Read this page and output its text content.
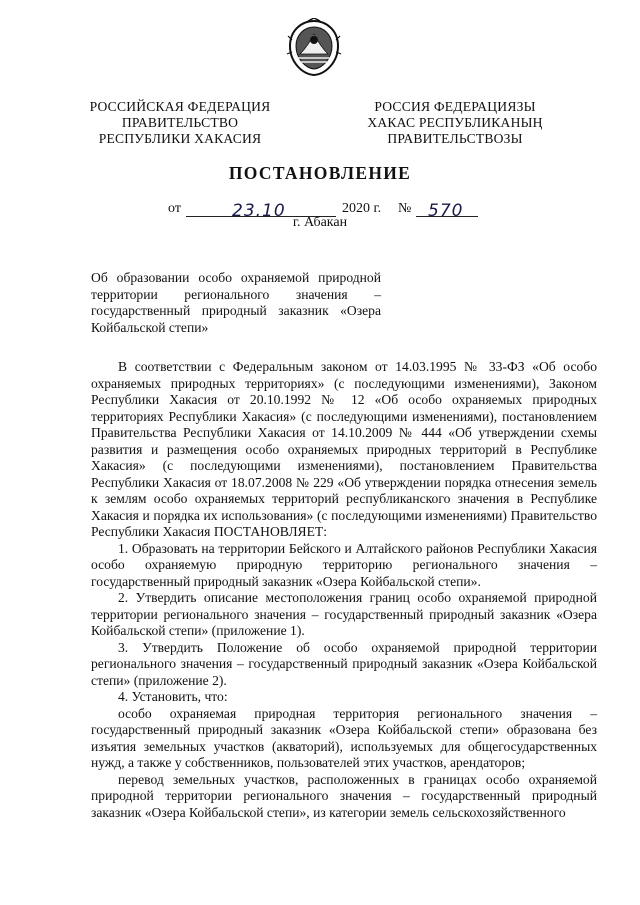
РОССИЙСКАЯ ФЕДЕРАЦИЯ
ПРАВИТЕЛЬСТВО
РЕСПУБЛИКИ ХАКАСИЯ
РОССИЯ ФЕДЕРАЦИЯЗЫ
ХАКАС РЕСПУБЛИКАНЫҢ
ПРАВИТЕЛЬСТВОЗЫ
ПОСТАНОВЛЕНИЕ
от	23.10	2020 г. № 570
г. Абакан

Об образовании особо охраняемой природной территории регионального значения – государственный природный заказник «Озера Койбальской степи»

В соответствии с Федеральным законом от 14.03.1995 № 33-ФЗ «Об особо охраняемых природных территориях» (с последующими изменениями), Законом Республики Хакасия от 20.10.1992 № 12 «Об особо охраняемых природных территориях Республики Хакасия» (с последующими изменениями), постановлением Правительства Республики Хакасия от 14.10.2009 № 444 «Об утверждении схемы развития и размещения особо охраняемых природных территорий в Республике Хакасия» (с последующими изменениями), постановлением Правительства Республики Хакасия от 18.07.2008 № 229 «Об утверждении порядка отнесения земель к землям особо охраняемых территорий республиканского значения в Республике Хакасия и порядка их использования» (с последующими изменениями) Правительство Республики Хакасия ПОСТАНОВЛЯЕТ:

1. Образовать на территории Бейского и Алтайского районов Республики Хакасия особо охраняемую природную территорию регионального значения – государственный природный заказник «Озера Койбальской степи».

2. Утвердить описание местоположения границ особо охраняемой природной территории регионального значения – государственный природный заказник «Озера Койбальской степи» (приложение 1).

3. Утвердить Положение об особо охраняемой природной территории регионального значения – государственный природный заказник «Озера Койбальской степи» (приложение 2).

4. Установить, что:

особо охраняемая природная территория регионального значения – государственный природный заказник «Озера Койбальской степи» образована без изъятия земельных участков (акваторий), используемых для общегосударственных нужд, а также у собственников, пользователей этих участков, арендаторов;

перевод земельных участков, расположенных в границах особо охраняемой природной территории регионального значения – государственный природный заказник «Озера Койбальской степи», из категории земель сельскохозяйственного
